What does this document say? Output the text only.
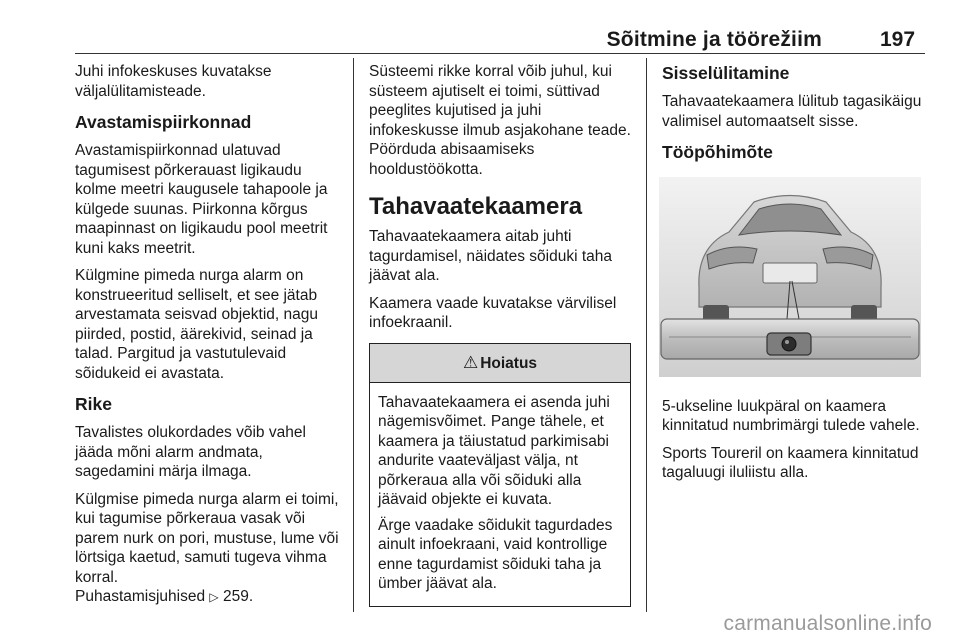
Sõitmine ja töörežiim	197

Juhi infokeskuses kuvatakse väljalülitamisteade.

Avastamispiirkonnad

Avastamispiirkonnad ulatuvad tagumisest põrkerauast ligikaudu kolme meetri kaugusele tahapoole ja külgede suunas. Piirkonna kõrgus maapinnast on ligikaudu pool meetrit kuni kaks meetrit.

Külgmine pimeda nurga alarm on konstrueeritud selliselt, et see jätab arvestamata seisvad objektid, nagu piirded, postid, äärekivid, seinad ja talad. Pargitud ja vastutulevaid sõidukeid ei avastata.

Rike

Tavalistes olukordades võib vahel jääda mõni alarm andmata, sagedamini märja ilmaga.

Külgmise pimeda nurga alarm ei toimi, kui tagumise põrkeraua vasak või parem nurk on pori, mustuse, lume või lörtsiga kaetud, samuti tugeva vihma korral.

Puhastamisjuhised ▷ 259.

Süsteemi rikke korral võib juhul, kui süsteem ajutiselt ei toimi, süttivad peeglites kujutised ja juhi infokeskusse ilmub asjakohane teade. Pöörduda abisaamiseks hooldustöökotta.

Tahavaatekaamera

Tahavaatekaamera aitab juhti tagurdamisel, näidates sõiduki taha jäävat ala.

Kaamera vaade kuvatakse värvilisel infoekraanil.

⚠ Hoiatus

Tahavaatekaamera ei asenda juhi nägemisvõimet. Pange tähele, et kaamera ja täiustatud parkimisabi andurite vaateväljast välja, nt põrkeraua alla või sõiduki alla jäävaid objekte ei kuvata.

Ärge vaadake sõidukit tagurdades ainult infoekraani, vaid kontrollige enne tagurdamist sõiduki taha ja ümber jäävat ala.

Sisselülitamine

Tahavaatekaamera lülitub tagasikäigu valimisel automaatselt sisse.

Tööpõhimõte

5-ukseline luukpäral on kaamera kinnitatud numbrimärgi tulede vahele.

Sports Toureril on kaamera kinnitatud tagaluugi iluliistu alla.

carmanualsonline.info
